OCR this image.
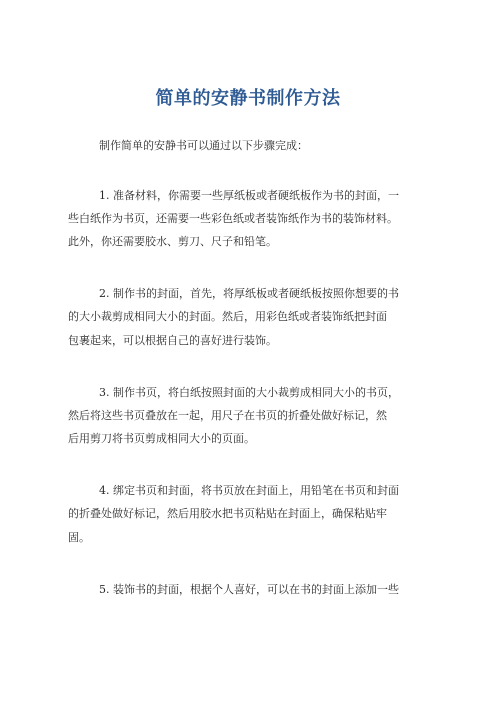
简单的安静书制作方法
制作简单的安静书可以通过以下步骤完成：
1. 准备材料，你需要一些厚纸板或者硬纸板作为书的封面，一
些白纸作为书页，还需要一些彩色纸或者装饰纸作为书的装饰材料。
此外，你还需要胶水、剪刀、尺子和铅笔。
2. 制作书的封面，首先，将厚纸板或者硬纸板按照你想要的书
的大小裁剪成相同大小的封面。然后，用彩色纸或者装饰纸把封面
包裹起来，可以根据自己的喜好进行装饰。
3. 制作书页，将白纸按照封面的大小裁剪成相同大小的书页，
然后将这些书页叠放在一起，用尺子在书页的折叠处做好标记，然
后用剪刀将书页剪成相同大小的页面。
4. 绑定书页和封面，将书页放在封面上，用铅笔在书页和封面
的折叠处做好标记，然后用胶水把书页粘贴在封面上，确保粘贴牢
固。
5. 装饰书的封面，根据个人喜好，可以在书的封面上添加一些
